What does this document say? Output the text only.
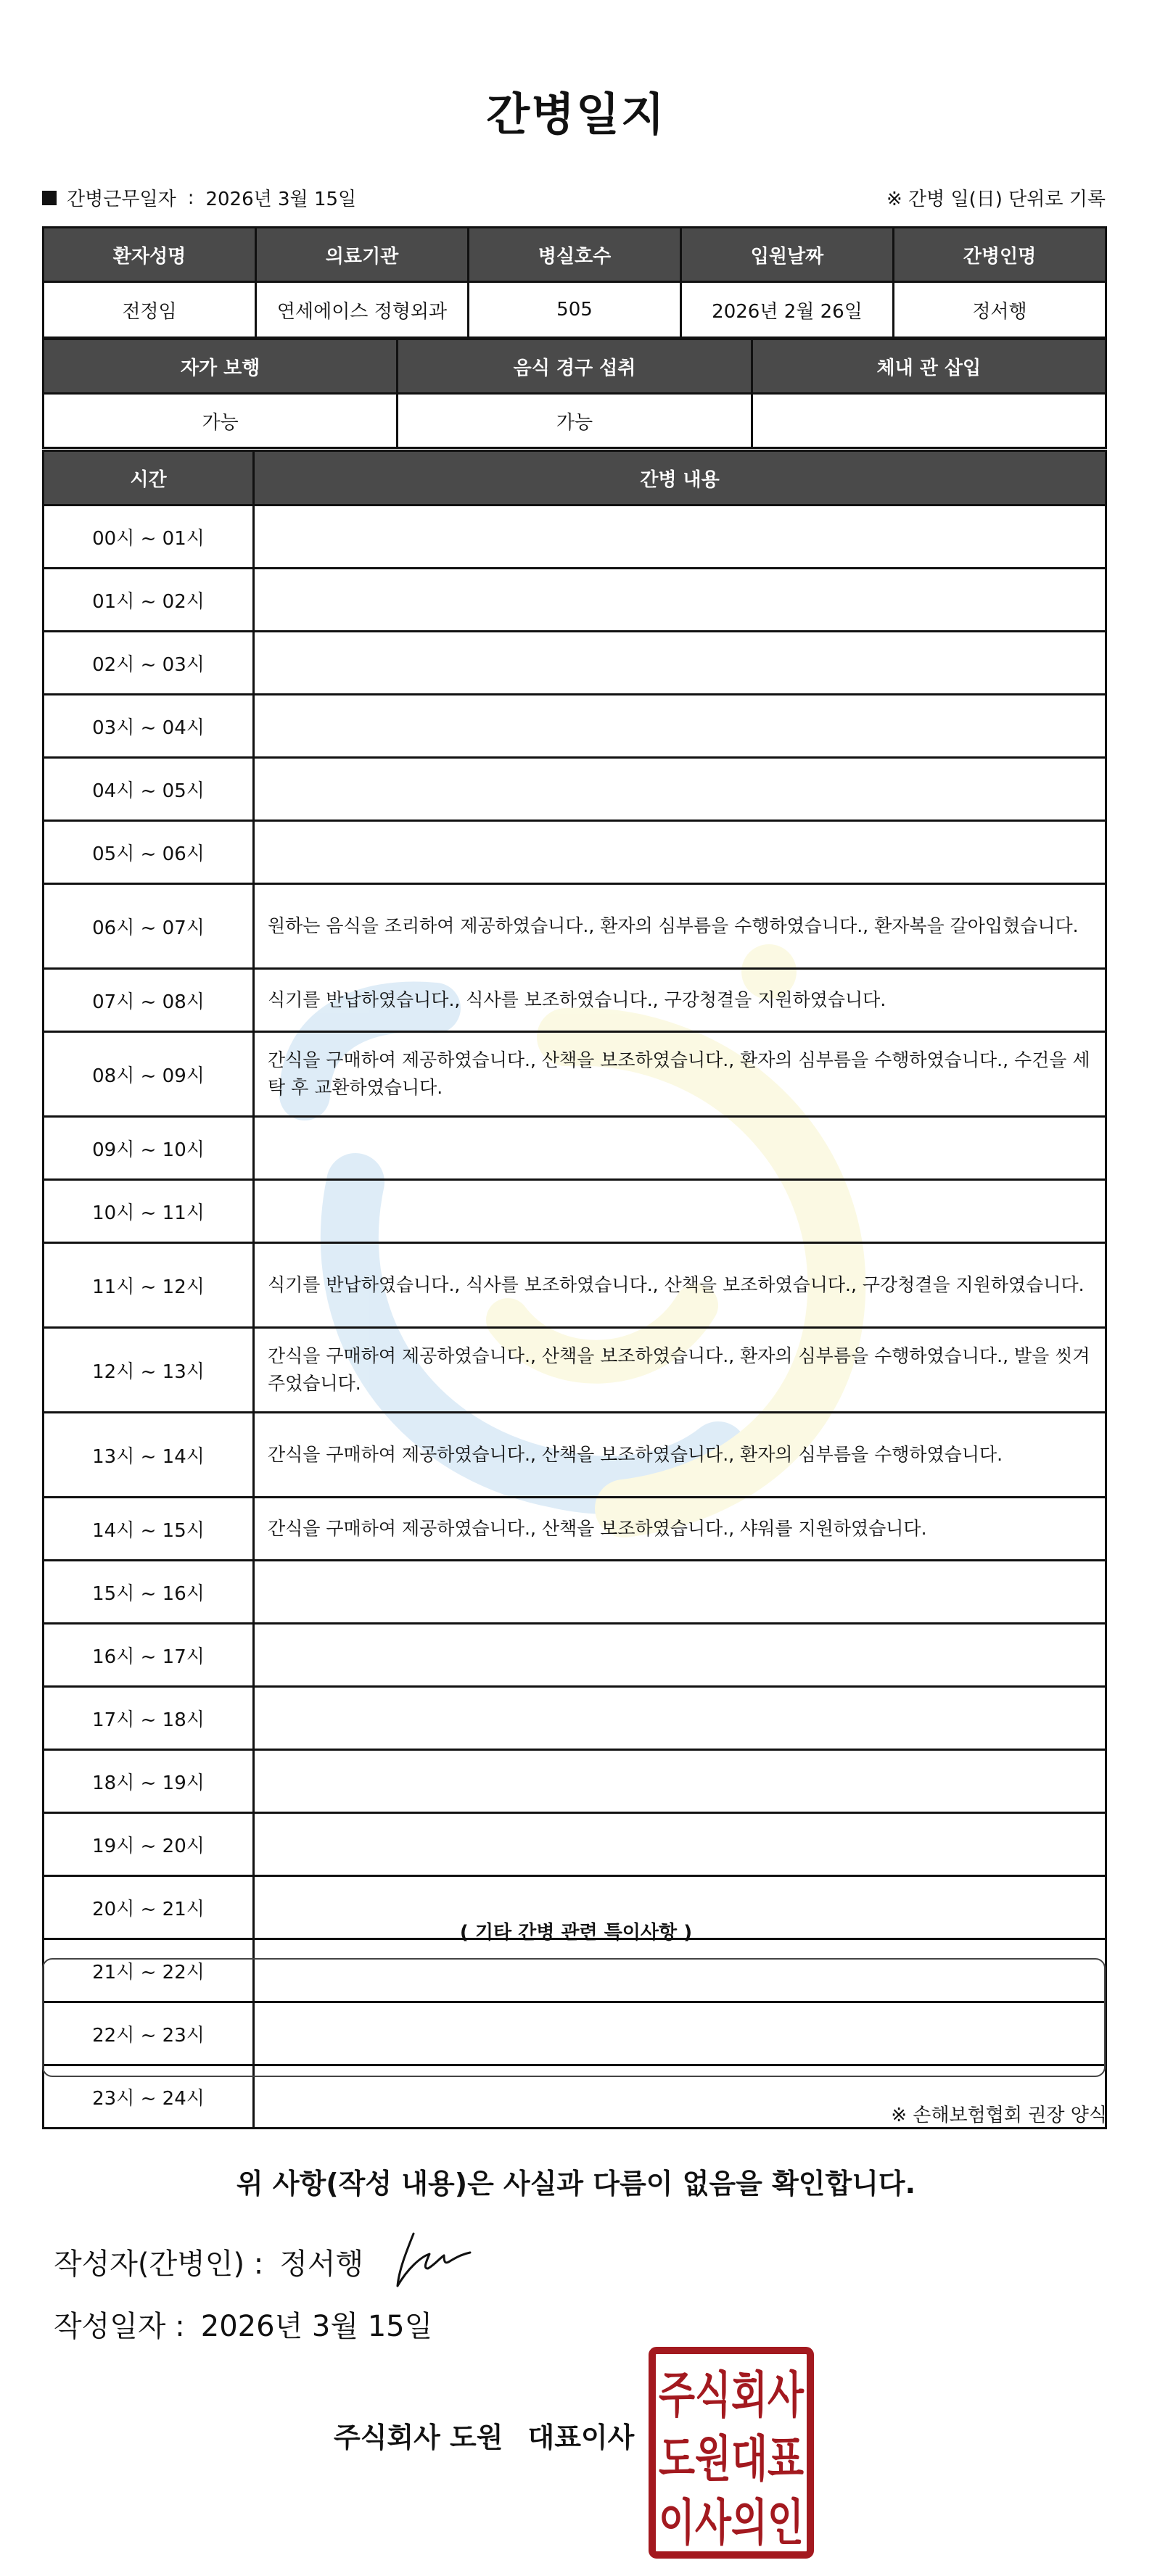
간병일지
간병근무일자 : 2026년 3월 15일	※ 간병 일(日) 단위로 기록
환자성명	의료기관	병실호수	입원날짜	간병인명
전정임	연세에이스 정형외과	505	2026년 2월 26일	정서행
자가 보행	음식 경구 섭취	체내 관 삽입
가능	가능	
시간	간병 내용
00시 ~ 01시	
01시 ~ 02시	
02시 ~ 03시	
03시 ~ 04시	
04시 ~ 05시	
05시 ~ 06시	
06시 ~ 07시	원하는 음식을 조리하여 제공하였습니다., 환자의 심부름을 수행하였습니다., 환자복을 갈아입혔습니다.
07시 ~ 08시	식기를 반납하였습니다., 식사를 보조하였습니다., 구강청결을 지원하였습니다.
08시 ~ 09시	간식을 구매하여 제공하였습니다., 산책을 보조하였습니다., 환자의 심부름을 수행하였습니다., 수건을 세탁 후 교환하였습니다.
09시 ~ 10시	
10시 ~ 11시	
11시 ~ 12시	식기를 반납하였습니다., 식사를 보조하였습니다., 산책을 보조하였습니다., 구강청결을 지원하였습니다.
12시 ~ 13시	간식을 구매하여 제공하였습니다., 산책을 보조하였습니다., 환자의 심부름을 수행하였습니다., 발을 씻겨주었습니다.
13시 ~ 14시	간식을 구매하여 제공하였습니다., 산책을 보조하였습니다., 환자의 심부름을 수행하였습니다.
14시 ~ 15시	간식을 구매하여 제공하였습니다., 산책을 보조하였습니다., 샤워를 지원하였습니다.
15시 ~ 16시	
16시 ~ 17시	
17시 ~ 18시	
18시 ~ 19시	
19시 ~ 20시	
20시 ~ 21시	
21시 ~ 22시	
22시 ~ 23시	
23시 ~ 24시	
( 기타 간병 관련 특이사항 )
※ 손해보험협회 권장 양식
위 사항(작성 내용)은 사실과 다름이 없음을 확인합니다.
작성자(간병인) : 정서행
작성일자 : 2026년 3월 15일
주식회사 도원 대표이사
주식회사
도원대표
이사의인
